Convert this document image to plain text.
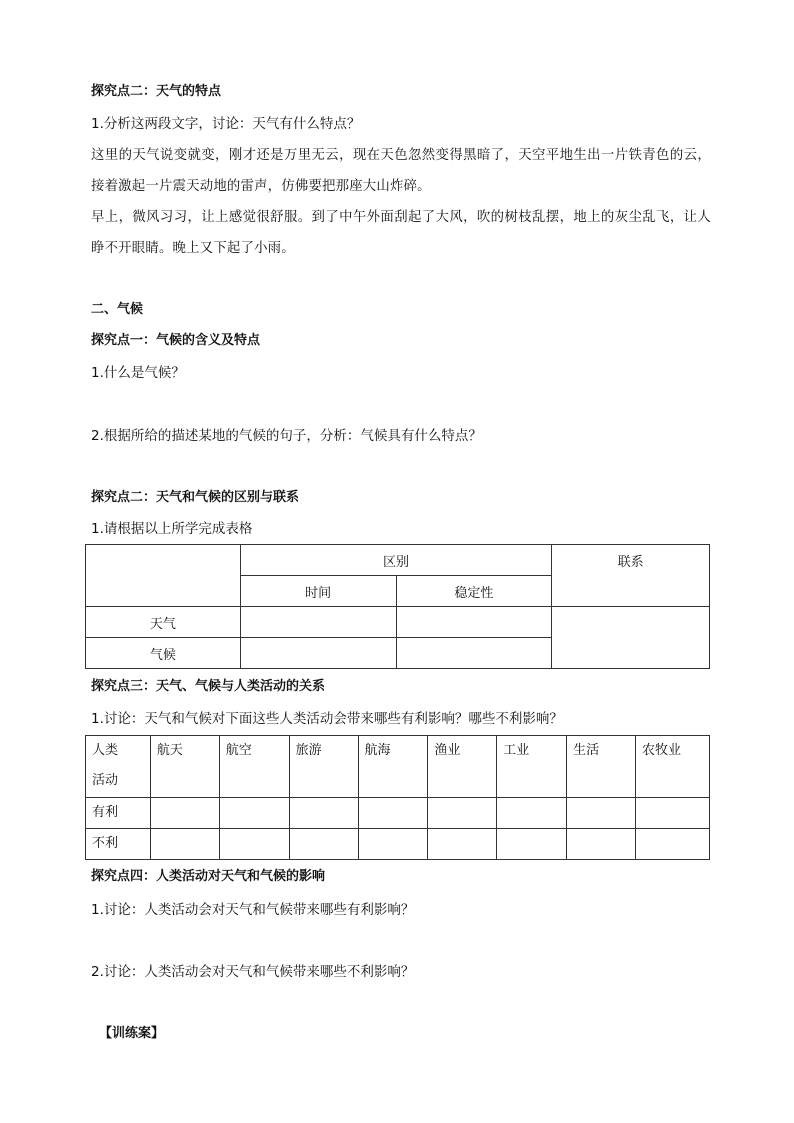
探究点二：天气的特点
1.分析这两段文字，讨论：天气有什么特点？
这里的天气说变就变，刚才还是万里无云，现在天色忽然变得黑暗了，天空平地生出一片铁青色的云，接着激起一片震天动地的雷声，仿佛要把那座大山炸碎。
早上，微风习习，让上感觉很舒服。到了中午外面刮起了大风，吹的树枝乱摆，地上的灰尘乱飞，让人睁不开眼睛。晚上又下起了小雨。
二、气候
探究点一：气候的含义及特点
1.什么是气候？
2.根据所给的描述某地的气候的句子，分析：气候具有什么特点？
探究点二：天气和气候的区别与联系
1.请根据以上所学完成表格
	区别		联系
	时间	稳定性	
天气			
气候			
探究点三：天气、气候与人类活动的关系
1.讨论：天气和气候对下面这些人类活动会带来哪些有利影响？哪些不利影响？
人类
活动	航天	航空	旅游	航海	渔业	工业	生活	农牧业
有利								
不利								
探究点四：人类活动对天气和气候的影响
1.讨论：人类活动会对天气和气候带来哪些有利影响？
2.讨论：人类活动会对天气和气候带来哪些不利影响？
【训练案】
